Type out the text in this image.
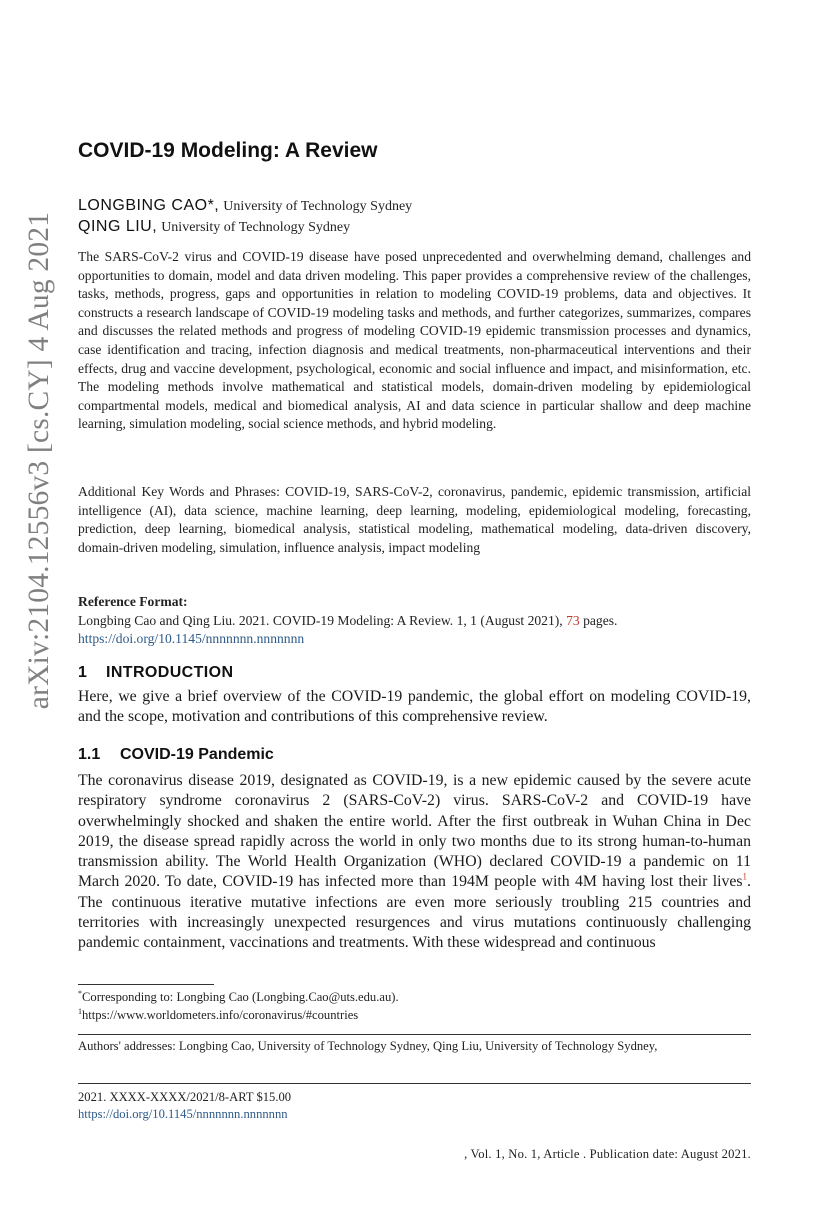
arXiv:2104.12556v3 [cs.CY] 4 Aug 2021
COVID-19 Modeling: A Review
LONGBING CAO*, University of Technology Sydney
QING LIU, University of Technology Sydney

The SARS-CoV-2 virus and COVID-19 disease have posed unprecedented and overwhelming demand, challenges and opportunities to domain, model and data driven modeling. This paper provides a comprehensive review of the challenges, tasks, methods, progress, gaps and opportunities in relation to modeling COVID-19 problems, data and objectives. It constructs a research landscape of COVID-19 modeling tasks and methods, and further categorizes, summarizes, compares and discusses the related methods and progress of modeling COVID-19 epidemic transmission processes and dynamics, case identification and tracing, infection diagnosis and medical treatments, non-pharmaceutical interventions and their effects, drug and vaccine development, psychological, economic and social influence and impact, and misinformation, etc. The modeling methods involve mathematical and statistical models, domain-driven modeling by epidemiological compartmental models, medical and biomedical analysis, AI and data science in particular shallow and deep machine learning, simulation modeling, social science methods, and hybrid modeling.

Additional Key Words and Phrases: COVID-19, SARS-CoV-2, coronavirus, pandemic, epidemic transmission, artificial intelligence (AI), data science, machine learning, deep learning, modeling, epidemiological modeling, forecasting, prediction, deep learning, biomedical analysis, statistical modeling, mathematical modeling, data-driven discovery, domain-driven modeling, simulation, influence analysis, impact modeling

Reference Format:
Longbing Cao and Qing Liu. 2021. COVID-19 Modeling: A Review. 1, 1 (August 2021), 73 pages.
https://doi.org/10.1145/nnnnnnn.nnnnnnn
1 INTRODUCTION

Here, we give a brief overview of the COVID-19 pandemic, the global effort on modeling COVID-19, and the scope, motivation and contributions of this comprehensive review.

1.1 COVID-19 Pandemic

The coronavirus disease 2019, designated as COVID-19, is a new epidemic caused by the severe acute respiratory syndrome coronavirus 2 (SARS-CoV-2) virus. SARS-CoV-2 and COVID-19 have overwhelmingly shocked and shaken the entire world. After the first outbreak in Wuhan China in Dec 2019, the disease spread rapidly across the world in only two months due to its strong human-to-human transmission ability. The World Health Organization (WHO) declared COVID-19 a pandemic on 11 March 2020. To date, COVID-19 has infected more than 194M people with 4M having lost their lives$^1$. The continuous iterative mutative infections are even more seriously troubling 215 countries and territories with increasingly unexpected resurgences and virus mutations continuously challenging pandemic containment, vaccinations and treatments. With these widespread and continuous

*Corresponding to: Longbing Cao (Longbing.Cao@uts.edu.au).
$^1$https://www.worldometers.info/coronavirus/#countries

Authors' addresses: Longbing Cao, University of Technology Sydney, Qing Liu, University of Technology Sydney,

2021. XXXX-XXXX/2021/8-ART $15.00
https://doi.org/10.1145/nnnnnnn.nnnnnnn
, Vol. 1, No. 1, Article . Publication date: August 2021.
